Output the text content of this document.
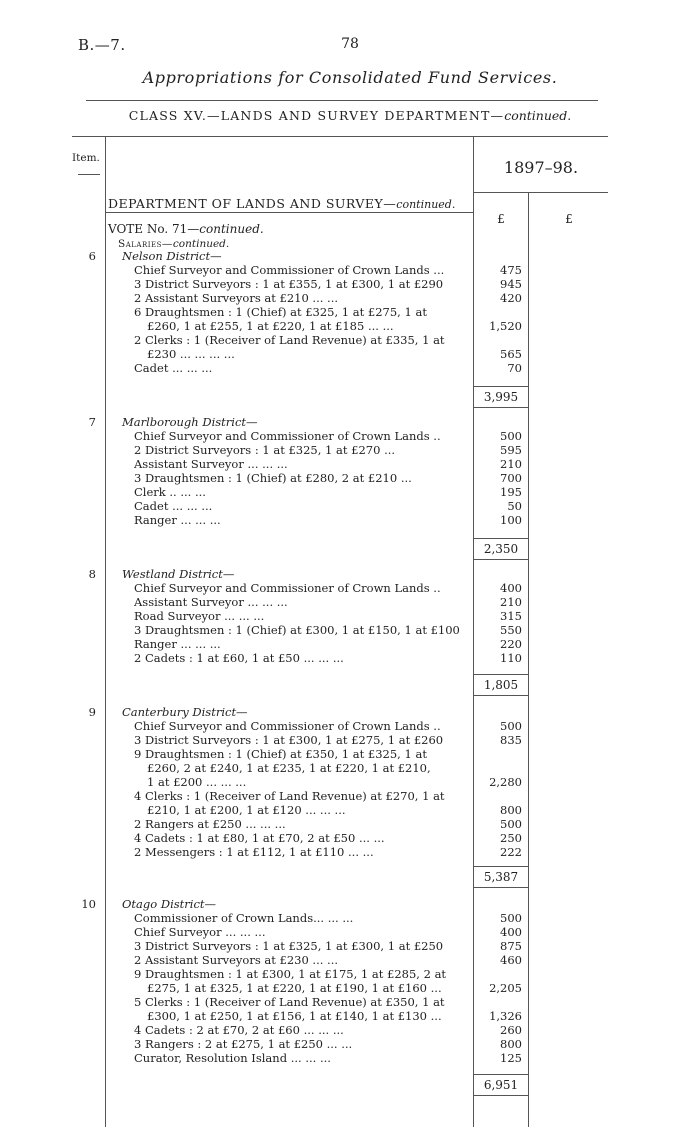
B.—7.	78
Appropriations for Consolidated Fund Services.
CLASS XV.—LANDS AND SURVEY DEPARTMENT—continued.
Item.	1897–98.
DEPARTMENT OF LANDS AND SURVEY—continued.
£	£
VOTE No. 71—continued.
Salaries—continued.
6 Nelson District—
Chief Surveyor and Commissioner of Crown Lands ...	475
3 District Surveyors : 1 at £355, 1 at £300, 1 at £290	945
2 Assistant Surveyors at £210 ... ...	420
6 Draughtsmen : 1 (Chief) at £325, 1 at £275, 1 at
£260, 1 at £255, 1 at £220, 1 at £185 ... ...	1,520
2 Clerks : 1 (Receiver of Land Revenue) at £335, 1 at
£230 ... ... ... ...	565
Cadet ... ... ...	70
3,995
7 Marlborough District—
Chief Surveyor and Commissioner of Crown Lands ..	500
2 District Surveyors : 1 at £325, 1 at £270 ...	595
Assistant Surveyor ... ... ...	210
3 Draughtsmen : 1 (Chief) at £280, 2 at £210 ...	700
Clerk .. ... ...	195
Cadet ... ... ...	50
Ranger ... ... ...	100
2,350
8 Westland District—
Chief Surveyor and Commissioner of Crown Lands ..	400
Assistant Surveyor ... ... ...	210
Road Surveyor ... ... ...	315
3 Draughtsmen : 1 (Chief) at £300, 1 at £150, 1 at £100	550
Ranger ... ... ...	220
2 Cadets : 1 at £60, 1 at £50 ... ... ...	110
1,805
9 Canterbury District—
Chief Surveyor and Commissioner of Crown Lands ..	500
3 District Surveyors : 1 at £300, 1 at £275, 1 at £260	835
9 Draughtsmen : 1 (Chief) at £350, 1 at £325, 1 at
£260, 2 at £240, 1 at £235, 1 at £220, 1 at £210,
1 at £200 ... ... ...	2,280
4 Clerks : 1 (Receiver of Land Revenue) at £270, 1 at
£210, 1 at £200, 1 at £120 ... ... ...	800
2 Rangers at £250 ... ... ...	500
4 Cadets : 1 at £80, 1 at £70, 2 at £50 ... ...	250
2 Messengers : 1 at £112, 1 at £110 ... ...	222
5,387
10 Otago District—
Commissioner of Crown Lands... ... ...	500
Chief Surveyor ... ... ...	400
3 District Surveyors : 1 at £325, 1 at £300, 1 at £250	875
2 Assistant Surveyors at £230 ... ...	460
9 Draughtsmen : 1 at £300, 1 at £175, 1 at £285, 2 at
£275, 1 at £325, 1 at £220, 1 at £190, 1 at £160 ...	2,205
5 Clerks : 1 (Receiver of Land Revenue) at £350, 1 at
£300, 1 at £250, 1 at £156, 1 at £140, 1 at £130 ...	1,326
4 Cadets : 2 at £70, 2 at £60 ... ... ...	260
3 Rangers : 2 at £275, 1 at £250 ... ...	800
Curator, Resolution Island ... ... ...	125
6,951
